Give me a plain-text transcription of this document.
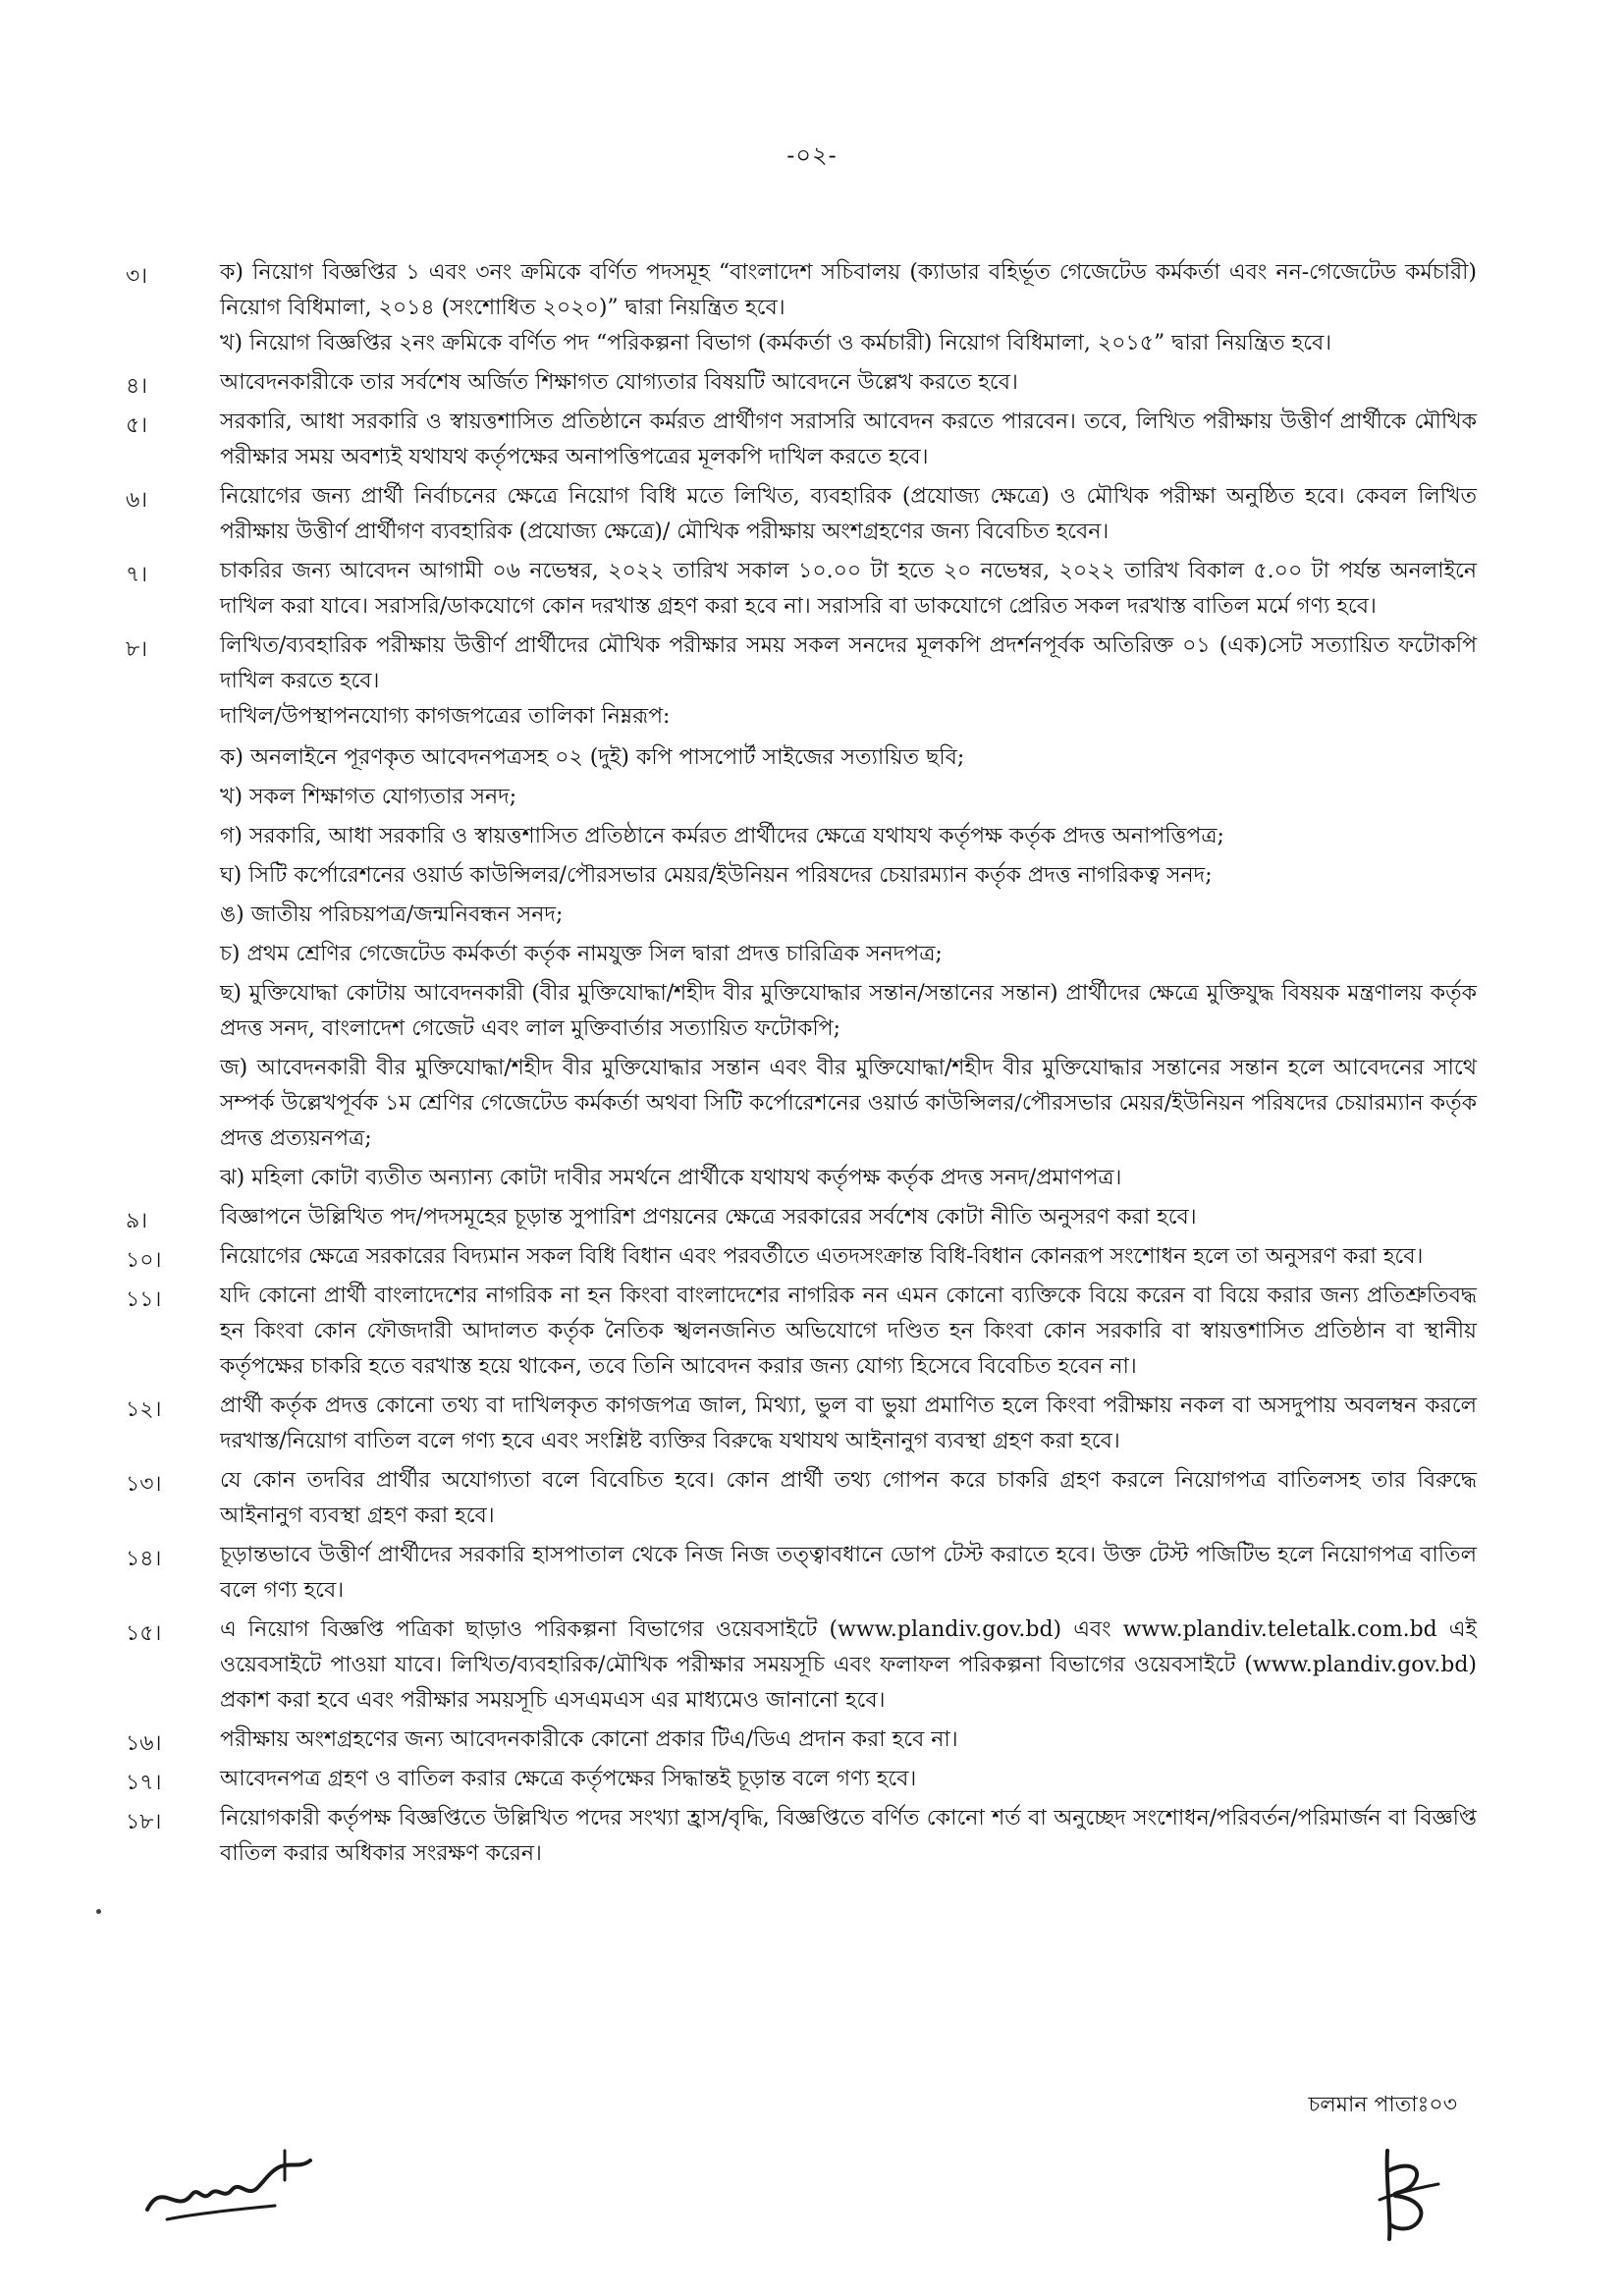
-০২-
৩।	ক) নিয়োগ বিজ্ঞপ্তির ১ এবং ৩নং ক্রমিকে বর্ণিত পদসমূহ “বাংলাদেশ সচিবালয় (ক্যাডার বহির্ভূত গেজেটেড কর্মকর্তা এবং নন-গেজেটেড কর্মচারী) নিয়োগ বিধিমালা, ২০১৪ (সংশোধিত ২০২০)” দ্বারা নিয়ন্ত্রিত হবে।

খ) নিয়োগ বিজ্ঞপ্তির ২নং ক্রমিকে বর্ণিত পদ “পরিকল্পনা বিভাগ (কর্মকর্তা ও কর্মচারী) নিয়োগ বিধিমালা, ২০১৫” দ্বারা নিয়ন্ত্রিত হবে।

৪।	আবেদনকারীকে তার সর্বশেষ অর্জিত শিক্ষাগত যোগ্যতার বিষয়টি আবেদনে উল্লেখ করতে হবে।

৫।	সরকারি, আধা সরকারি ও স্বায়ত্তশাসিত প্রতিষ্ঠানে কর্মরত প্রার্থীগণ সরাসরি আবেদন করতে পারবেন। তবে, লিখিত পরীক্ষায় উত্তীর্ণ প্রার্থীকে মৌখিক পরীক্ষার সময় অবশ্যই যথাযথ কর্তৃপক্ষের অনাপত্তিপত্রের মূলকপি দাখিল করতে হবে।

৬।	নিয়োগের জন্য প্রার্থী নির্বাচনের ক্ষেত্রে নিয়োগ বিধি মতে লিখিত, ব্যবহারিক (প্রযোজ্য ক্ষেত্রে) ও মৌখিক পরীক্ষা অনুষ্ঠিত হবে। কেবল লিখিত পরীক্ষায় উত্তীর্ণ প্রার্থীগণ ব্যবহারিক (প্রযোজ্য ক্ষেত্রে)/ মৌখিক পরীক্ষায় অংশগ্রহণের জন্য বিবেচিত হবেন।

৭।	চাকরির জন্য আবেদন আগামী ০৬ নভেম্বর, ২০২২ তারিখ সকাল ১০.০০ টা হতে ২০ নভেম্বর, ২০২২ তারিখ বিকাল ৫.০০ টা পর্যন্ত অনলাইনে দাখিল করা যাবে। সরাসরি/ডাকযোগে কোন দরখাস্ত গ্রহণ করা হবে না। সরাসরি বা ডাকযোগে প্রেরিত সকল দরখাস্ত বাতিল মর্মে গণ্য হবে।

৮।	লিখিত/ব্যবহারিক পরীক্ষায় উত্তীর্ণ প্রার্থীদের মৌখিক পরীক্ষার সময় সকল সনদের মূলকপি প্রদর্শনপূর্বক অতিরিক্ত ০১ (এক)সেট সত্যায়িত ফটোকপি দাখিল করতে হবে।

দাখিল/উপস্থাপনযোগ্য কাগজপত্রের তালিকা নিম্নরূপ:

ক) অনলাইনে পূরণকৃত আবেদনপত্রসহ ০২ (দুই) কপি পাসপোর্ট সাইজের সত্যায়িত ছবি;
খ) সকল শিক্ষাগত যোগ্যতার সনদ;
গ) সরকারি, আধা সরকারি ও স্বায়ত্তশাসিত প্রতিষ্ঠানে কর্মরত প্রার্থীদের ক্ষেত্রে যথাযথ কর্তৃপক্ষ কর্তৃক প্রদত্ত অনাপত্তিপত্র;
ঘ) সিটি কর্পোরেশনের ওয়ার্ড কাউন্সিলর/পৌরসভার মেয়র/ইউনিয়ন পরিষদের চেয়ারম্যান কর্তৃক প্রদত্ত নাগরিকত্ব সনদ;
ঙ) জাতীয় পরিচয়পত্র/জন্মনিবন্ধন সনদ;
চ) প্রথম শ্রেণির গেজেটেড কর্মকর্তা কর্তৃক নামযুক্ত সিল দ্বারা প্রদত্ত চারিত্রিক সনদপত্র;
ছ) মুক্তিযোদ্ধা কোটায় আবেদনকারী (বীর মুক্তিযোদ্ধা/শহীদ বীর মুক্তিযোদ্ধার সন্তান/সন্তানের সন্তান) প্রার্থীদের ক্ষেত্রে মুক্তিযুদ্ধ বিষয়ক মন্ত্রণালয় কর্তৃক প্রদত্ত সনদ, বাংলাদেশ গেজেট এবং লাল মুক্তিবার্তার সত্যায়িত ফটোকপি;
জ) আবেদনকারী বীর মুক্তিযোদ্ধা/শহীদ বীর মুক্তিযোদ্ধার সন্তান এবং বীর মুক্তিযোদ্ধা/শহীদ বীর মুক্তিযোদ্ধার সন্তানের সন্তান হলে আবেদনের সাথে সম্পর্ক উল্লেখপূর্বক ১ম শ্রেণির গেজেটেড কর্মকর্তা অথবা সিটি কর্পোরেশনের ওয়ার্ড কাউন্সিলর/পৌরসভার মেয়র/ইউনিয়ন পরিষদের চেয়ারম্যান কর্তৃক প্রদত্ত প্রত্যয়নপত্র;
ঝ) মহিলা কোটা ব্যতীত অন্যান্য কোটা দাবীর সমর্থনে প্রার্থীকে যথাযথ কর্তৃপক্ষ কর্তৃক প্রদত্ত সনদ/প্রমাণপত্র।
৯।	বিজ্ঞাপনে উল্লিখিত পদ/পদসমূহের চূড়ান্ত সুপারিশ প্রণয়নের ক্ষেত্রে সরকারের সর্বশেষ কোটা নীতি অনুসরণ করা হবে।

১০।	নিয়োগের ক্ষেত্রে সরকারের বিদ্যমান সকল বিধি বিধান এবং পরবর্তীতে এতদসংক্রান্ত বিধি-বিধান কোনরূপ সংশোধন হলে তা অনুসরণ করা হবে।

১১।	যদি কোনো প্রার্থী বাংলাদেশের নাগরিক না হন কিংবা বাংলাদেশের নাগরিক নন এমন কোনো ব্যক্তিকে বিয়ে করেন বা বিয়ে করার জন্য প্রতিশ্রুতিবদ্ধ হন কিংবা কোন ফৌজদারী আদালত কর্তৃক নৈতিক স্খলনজনিত অভিযোগে দণ্ডিত হন কিংবা কোন সরকারি বা স্বায়ত্তশাসিত প্রতিষ্ঠান বা স্থানীয় কর্তৃপক্ষের চাকরি হতে বরখাস্ত হয়ে থাকেন, তবে তিনি আবেদন করার জন্য যোগ্য হিসেবে বিবেচিত হবেন না।

১২।	প্রার্থী কর্তৃক প্রদত্ত কোনো তথ্য বা দাখিলকৃত কাগজপত্র জাল, মিথ্যা, ভুল বা ভুয়া প্রমাণিত হলে কিংবা পরীক্ষায় নকল বা অসদুপায় অবলম্বন করলে দরখাস্ত/নিয়োগ বাতিল বলে গণ্য হবে এবং সংশ্লিষ্ট ব্যক্তির বিরুদ্ধে যথাযথ আইনানুগ ব্যবস্থা গ্রহণ করা হবে।

১৩।	যে কোন তদবির প্রার্থীর অযোগ্যতা বলে বিবেচিত হবে। কোন প্রার্থী তথ্য গোপন করে চাকরি গ্রহণ করলে নিয়োগপত্র বাতিলসহ তার বিরুদ্ধে আইনানুগ ব্যবস্থা গ্রহণ করা হবে।

১৪।	চূড়ান্তভাবে উত্তীর্ণ প্রার্থীদের সরকারি হাসপাতাল থেকে নিজ নিজ তত্ত্বাবধানে ডোপ টেস্ট করাতে হবে। উক্ত টেস্ট পজিটিভ হলে নিয়োগপত্র বাতিল বলে গণ্য হবে।

১৫।	এ নিয়োগ বিজ্ঞপ্তি পত্রিকা ছাড়াও পরিকল্পনা বিভাগের ওয়েবসাইটে (www.plandiv.gov.bd) এবং www.plandiv.teletalk.com.bd এই ওয়েবসাইটে পাওয়া যাবে। লিখিত/ব্যবহারিক/মৌখিক পরীক্ষার সময়সূচি এবং ফলাফল পরিকল্পনা বিভাগের ওয়েবসাইটে (www.plandiv.gov.bd) প্রকাশ করা হবে এবং পরীক্ষার সময়সূচি এসএমএস এর মাধ্যমেও জানানো হবে।

১৬।	পরীক্ষায় অংশগ্রহণের জন্য আবেদনকারীকে কোনো প্রকার টিএ/ডিএ প্রদান করা হবে না।

১৭।	আবেদনপত্র গ্রহণ ও বাতিল করার ক্ষেত্রে কর্তৃপক্ষের সিদ্ধান্তই চূড়ান্ত বলে গণ্য হবে।

১৮।	নিয়োগকারী কর্তৃপক্ষ বিজ্ঞপ্তিতে উল্লিখিত পদের সংখ্যা হ্রাস/বৃদ্ধি, বিজ্ঞপ্তিতে বর্ণিত কোনো শর্ত বা অনুচ্ছেদ সংশোধন/পরিবর্তন/পরিমার্জন বা বিজ্ঞপ্তি বাতিল করার অধিকার সংরক্ষণ করেন।

চলমান পাতাঃ০৩
